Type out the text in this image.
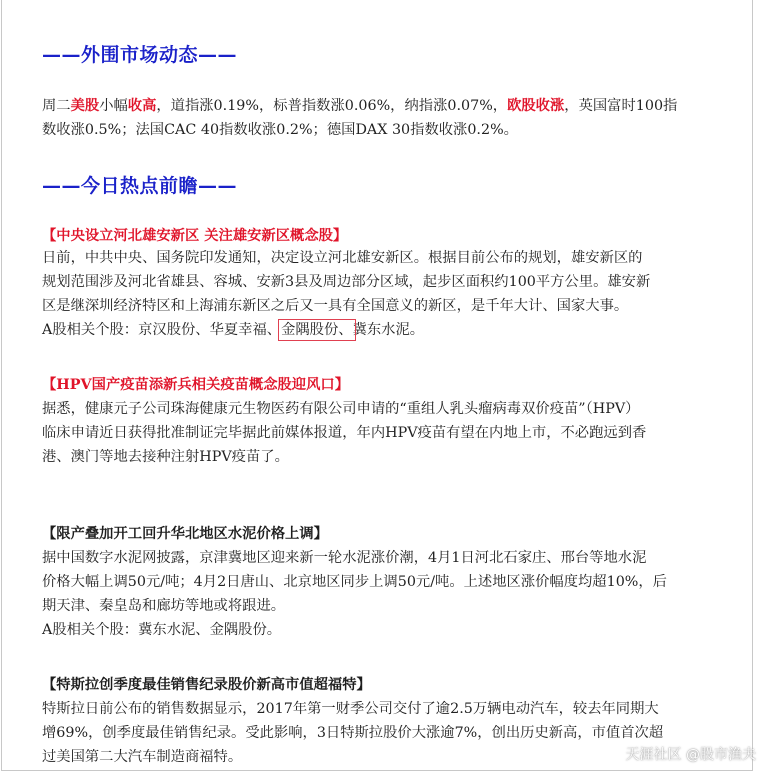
——外围市场动态——
周二美股小幅收高，道指涨0.19%，标普指数涨0.06%，纳指涨0.07%，欧股收涨，英国富时100指
数收涨0.5%；法国CAC 40指数收涨0.2%；德国DAX 30指数收涨0.2%。
——今日热点前瞻——
【中央设立河北雄安新区 关注雄安新区概念股】
日前，中共中央、国务院印发通知，决定设立河北雄安新区。根据目前公布的规划，雄安新区的
规划范围涉及河北省雄县、容城、安新3县及周边部分区域，起步区面积约100平方公里。雄安新
区是继深圳经济特区和上海浦东新区之后又一具有全国意义的新区，是千年大计、国家大事。
A股相关个股：京汉股份、华夏幸福、金隅股份、冀东水泥。
【HPV国产疫苗添新兵相关疫苗概念股迎风口】
据悉，健康元子公司珠海健康元生物医药有限公司申请的“重组人乳头瘤病毒双价疫苗”（HPV）
临床申请近日获得批准制证完毕据此前媒体报道，年内HPV疫苗有望在内地上市，不必跑远到香
港、澳门等地去接种注射HPV疫苗了。
【限产叠加开工回升华北地区水泥价格上调】
据中国数字水泥网披露，京津冀地区迎来新一轮水泥涨价潮，4月1日河北石家庄、邢台等地水泥
价格大幅上调50元/吨；4月2日唐山、北京地区同步上调50元/吨。上述地区涨价幅度均超10%，后
期天津、秦皇岛和廊坊等地或将跟进。
A股相关个股：冀东水泥、金隅股份。
【特斯拉创季度最佳销售纪录股价新高市值超福特】
特斯拉日前公布的销售数据显示，2017年第一财季公司交付了逾2.5万辆电动汽车，较去年同期大
增69%，创季度最佳销售纪录。受此影响，3日特斯拉股价大涨逾7%，创出历史新高，市值首次超
过美国第二大汽车制造商福特。	天涯社区 @股市渔夫
